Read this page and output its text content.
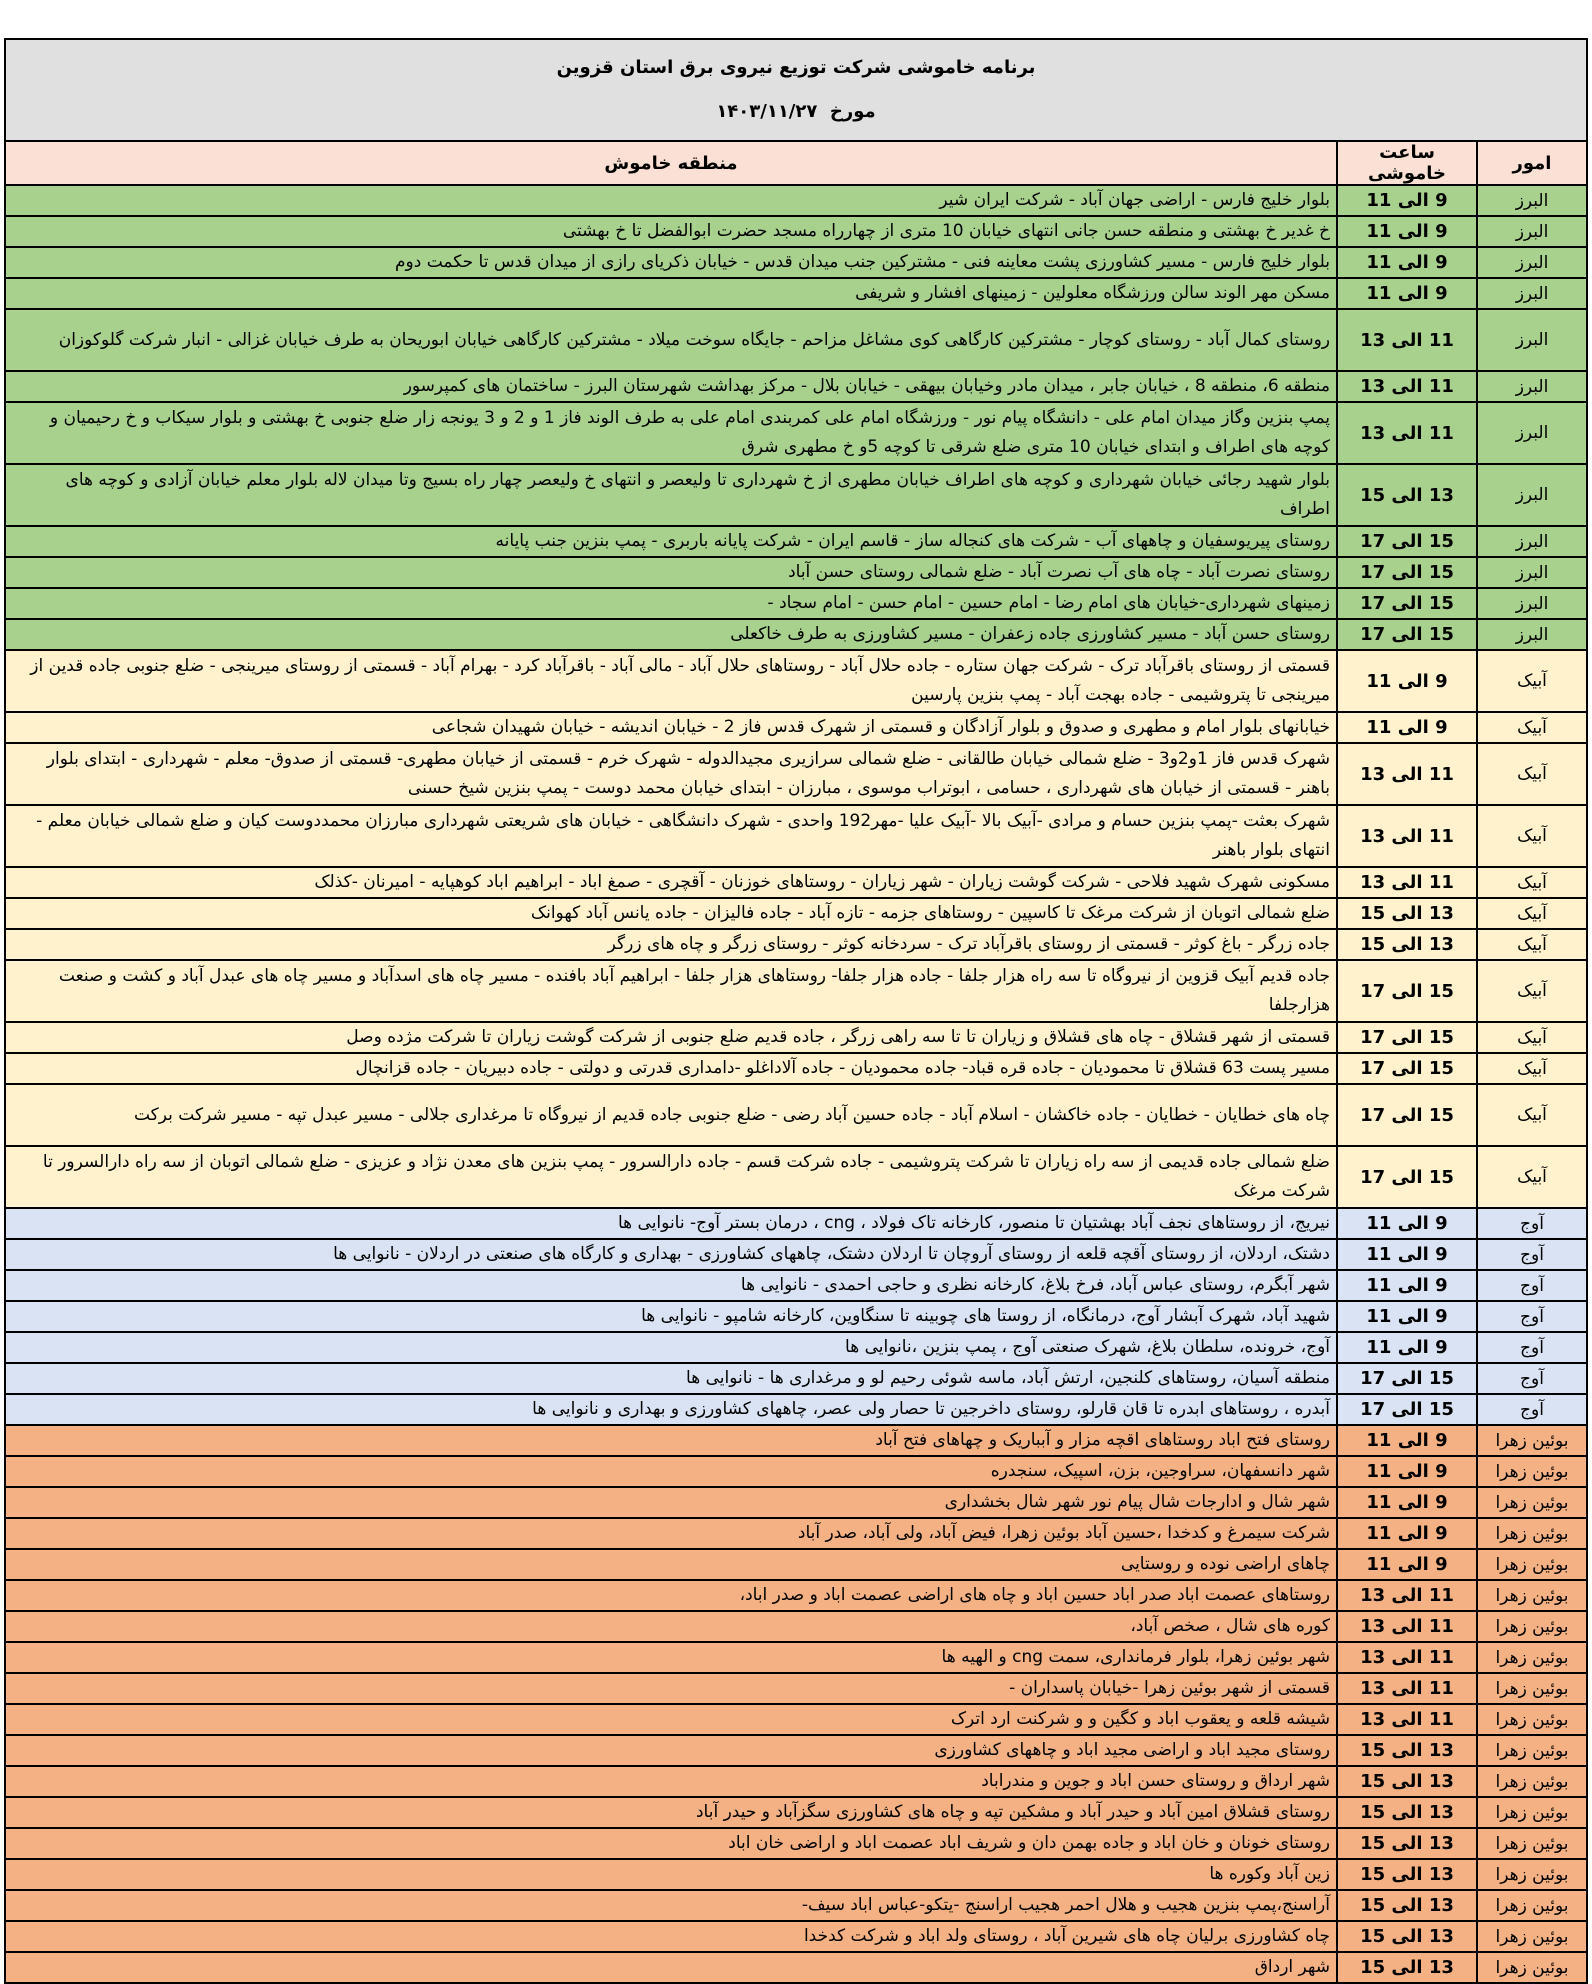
برنامه خاموشی شرکت توزیع نیروی برق استان قزوین
مورخ  ۱۴۰۳/۱۱/۲۷		

امور	ساعت خاموشی	منطقه خاموش
البرز	9 الی 11	بلوار خلیج فارس - اراضی جهان آباد - شرکت ایران شیر
البرز	9 الی 11	خ غدیر خ بهشتی و منطقه حسن جانی انتهای خیابان 10 متری از چهارراه مسجد حضرت ابوالفضل تا خ بهشتی
البرز	9 الی 11	بلوار خلیج فارس - مسیر کشاورزی پشت معاینه فنی - مشترکین جنب میدان قدس - خیابان ذکریای رازی از میدان قدس تا حکمت دوم
البرز	9 الی 11	مسکن مهر الوند سالن ورزشگاه معلولین - زمینهای افشار و شریفی
البرز	11 الی 13	روستای کمال آباد - روستای کوچار - مشترکین کارگاهی کوی مشاغل مزاحم - جایگاه سوخت میلاد - مشترکین کارگاهی خیابان ابوریحان به طرف خیابان غزالی - انبار شرکت گلوکوزان
البرز	11 الی 13	منطقه 6، منطقه 8 ، خیابان جابر ، میدان مادر وخیابان بیهقی - خیابان بلال - مرکز بهداشت شهرستان البرز - ساختمان های کمپرسور
البرز	11 الی 13	پمپ بنزین وگاز میدان امام علی - دانشگاه پیام نور - ورزشگاه امام علی کمربندی امام علی به طرف الوند فاز 1 و 2 و 3 یونجه زار ضلع جنوبی خ بهشتی و بلوار سیکاب و خ رحیمیان و کوچه های اطراف و ابتدای خیابان 10 متری ضلع شرقی تا کوچه 5و خ مطهری شرق
البرز	13 الی 15	بلوار شهید رجائی خیابان شهرداری و کوچه های اطراف خیابان مطهری از خ شهرداری تا ولیعصر و انتهای خ ولیعصر چهار راه بسیج وتا میدان لاله بلوار معلم خیابان آزادی و کوچه های اطراف
البرز	15 الی 17	روستای پیریوسفیان و چاههای آب - شرکت های کنجاله ساز - قاسم ایران - شرکت پایانه باربری - پمپ بنزین جنب پایانه
البرز	15 الی 17	روستای نصرت آباد - چاه های آب نصرت آباد - ضلع شمالی روستای حسن آباد
البرز	15 الی 17	زمینهای شهرداری-خیابان های امام رضا - امام حسین - امام حسن - امام سجاد -
البرز	15 الی 17	روستای حسن آباد - مسیر کشاورزی جاده زعفران - مسیر کشاورزی به طرف خاکعلی
آبیک	9 الی 11	قسمتی از روستای باقرآباد ترک - شرکت جهان ستاره - جاده حلال آباد - روستاهای حلال آباد - مالی آباد - باقرآباد کرد - بهرام آباد - قسمتی از روستای میرینجی - ضلع جنوبی جاده قدین از میرینجی تا پتروشیمی - جاده بهجت آباد - پمپ بنزین پارسین
آبیک	9 الی 11	خیابانهای بلوار امام و مطهری و صدوق و بلوار آزادگان و قسمتی از شهرک قدس فاز 2 - خیابان اندیشه - خیابان شهیدان شجاعی
آبیک	11 الی 13	شهرک قدس فاز 1و2و3 - ضلع شمالی خیابان طالقانی - ضلع شمالی سرازیری مجیدالدوله - شهرک خرم - قسمتی از خیابان مطهری- قسمتی از صدوق- معلم - شهرداری - ابتدای بلوار باهنر - قسمتی از خیابان های شهرداری ، حسامی ، ابوتراب موسوی ، مبارزان - ابتدای خیابان محمد دوست - پمپ بنزین شیخ حسنی
آبیک	11 الی 13	شهرک بعثت -پمپ بنزین حسام و مرادی -آبیک بالا -آبیک علیا -مهر192 واحدی - شهرک دانشگاهی - خیابان های شریعتی شهرداری مبارزان محمددوست کیان و ضلع شمالی خیابان معلم - انتهای بلوار باهنر
آبیک	11 الی 13	مسکونی شهرک شهید فلاحی - شرکت گوشت زیاران - شهر زیاران - روستاهای خوزنان - آقچری - صمغ اباد - ابراهیم اباد کوهپایه - امیرنان -کذلک
آبیک	13 الی 15	ضلع شمالی اتوبان از شرکت مرغک تا کاسپین - روستاهای جزمه - تازه آباد - جاده فالیزان - جاده یانس آباد کهوانک
آبیک	13 الی 15	جاده زرگر - باغ کوثر - قسمتی از روستای باقرآباد ترک - سردخانه کوثر - روستای زرگر و چاه های زرگر
آبیک	15 الی 17	جاده قدیم آبیک قزوین از نیروگاه تا سه راه هزار جلفا - جاده هزار جلفا- روستاهای هزار جلفا - ابراهیم آباد بافنده - مسیر چاه های اسدآباد و مسیر چاه های عبدل آباد و کشت و صنعت هزارجلفا
آبیک	15 الی 17	قسمتی از شهر قشلاق - چاه های قشلاق و زیاران تا تا سه راهی زرگر ، جاده قدیم ضلع جنوبی از شرکت گوشت زیاران تا شرکت مژده وصل
آبیک	15 الی 17	مسیر پست 63 قشلاق تا محمودیان - جاده قره قباد- جاده محمودیان - جاده آلاداغلو -دامداری قدرتی و دولتی - جاده دبیریان - جاده قزانچال
آبیک	15 الی 17	چاه های خطایان - خطایان - جاده خاکشان - اسلام آباد - جاده حسین آباد رضی - ضلع جنوبی جاده قدیم از نیروگاه تا مرغداری جلالی - مسیر عبدل تپه - مسیر شرکت برکت
آبیک	15 الی 17	ضلع شمالی جاده قدیمی از سه راه زیاران تا شرکت پتروشیمی - جاده شرکت قسم - جاده دارالسرور - پمپ بنزین های معدن نژاد و عزیزی - ضلع شمالی اتوبان از سه راه دارالسرور تا شرکت مرغک
آوج	9 الی 11	نیریج، از روستاهای نجف آباد بهشتیان تا منصور، کارخانه تاک فولاد ، cng ، درمان بستر آوج- نانوایی ها
آوج	9 الی 11	دشتک، اردلان، از روستای آقچه قلعه از روستای آروچان تا اردلان دشتک، چاههای کشاورزی - بهداری و کارگاه های صنعتی در اردلان - نانوایی ها
آوج	9 الی 11	شهر آبگرم، روستای عباس آباد، فرخ بلاغ، کارخانه نظری و حاجی احمدی - نانوایی ها
آوج	9 الی 11	شهید آباد، شهرک آبشار آوج، درمانگاه، از روستا های چوبینه تا سنگاوین، کارخانه شامپو - نانوایی ها
آوج	9 الی 11	آوج، خرونده، سلطان بلاغ، شهرک صنعتی آوج ، پمپ بنزین ،نانوایی ها
آوج	15 الی 17	منطقه آسیان، روستاهای کلنجین، ارتش آباد، ماسه شوئی رحیم لو و مرغداری ها - نانوایی ها
آوج	15 الی 17	آبدره ، روستاهای ابدره تا قان قارلو، روستای داخرجین تا حصار ولی عصر، چاههای کشاورزی و بهداری و نانوایی ها
بوئین زهرا	9 الی 11	روستای فتح اباد روستاهای اقچه مزار و آبباریک و چهاهای فتح آباد
بوئین زهرا	9 الی 11	شهر دانسفهان، سراوجین، بزن، اسپیک، سنجدره
بوئین زهرا	9 الی 11	شهر شال و ادارجات شال پیام نور شهر شال بخشداری
بوئین زهرا	9 الی 11	شرکت سیمرغ و کدخدا ،حسین آباد بوئین زهرا، فیض آباد، ولی آباد، صدر آباد
بوئین زهرا	9 الی 11	چاهای اراضی نوده و روستایی
بوئین زهرا	11 الی 13	روستاهای عصمت اباد صدر اباد حسین اباد و چاه های اراضی عصمت اباد و صدر اباد،
بوئین زهرا	11 الی 13	کوره های شال ، صخص آباد،
بوئین زهرا	11 الی 13	شهر بوئین زهرا، بلوار فرمانداری، سمت cng و الهیه ها
بوئین زهرا	11 الی 13	قسمتی از شهر بوئین زهرا -خیابان پاسداران -
بوئین زهرا	11 الی 13	شیشه قلعه و یعقوب اباد و کگین و و شرکنت ارد اترک
بوئین زهرا	13 الی 15	روستای مجید اباد و اراضی مجید اباد و چاههای کشاورزی
بوئین زهرا	13 الی 15	شهر ارداق و روستای حسن اباد و جوین و مندراباد
بوئین زهرا	13 الی 15	روستای قشلاق امین آباد و حیدر آباد و مشکین تپه و چاه های کشاورزی سگزآباد و حیدر آباد
بوئین زهرا	13 الی 15	روستای خونان و خان اباد و جاده بهمن دان و شریف اباد عصمت اباد و اراضی خان اباد
بوئین زهرا	13 الی 15	زین آباد وکوره ها
بوئین زهرا	13 الی 15	آراسنج،پمپ بنزین هجیب و هلال احمر هجیب اراسنج -یتکو-عباس اباد سیف-
بوئین زهرا	13 الی 15	چاه کشاورزی برلیان چاه های شیرین آباد ، روستای ولد اباد و شرکت کدخدا
بوئین زهرا	13 الی 15	شهر ارداق
